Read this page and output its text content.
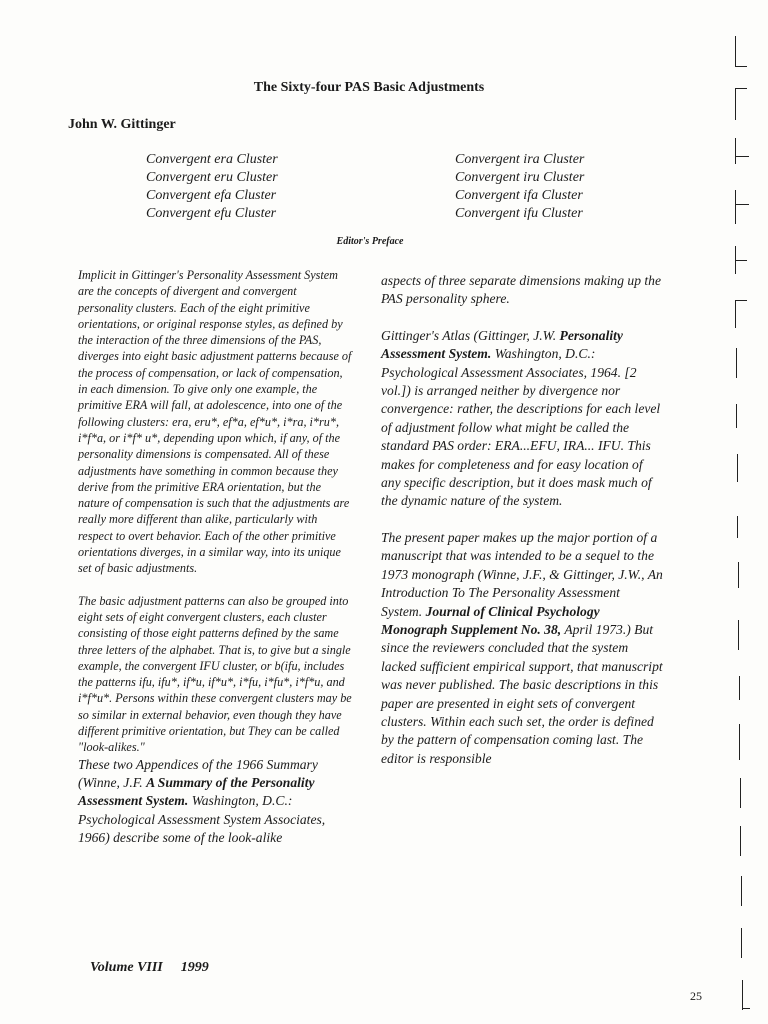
The Sixty-four PAS Basic Adjustments
John W. Gittinger
Convergent era Cluster
Convergent eru Cluster
Convergent efa Cluster
Convergent efu Cluster
Convergent ira Cluster
Convergent iru Cluster
Convergent ifa Cluster
Convergent ifu Cluster
Editor's Preface

Implicit in Gittinger's Personality Assessment System are the concepts of divergent and convergent personality clusters. Each of the eight primitive orientations, or original response styles, as defined by the interaction of the three dimensions of the PAS, diverges into eight basic adjustment patterns because of the process of compensation, or lack of compensation, in each dimension. To give only one example, the primitive ERA will fall, at adolescence, into one of the following clusters: era, eru*, ef*a, ef*u*, i*ra, i*ru*, i*f*a, or i*f* u*, depending upon which, if any, of the personality dimensions is compensated. All of these adjustments have something in common because they derive from the primitive ERA orientation, but the nature of compensation is such that the adjustments are really more different than alike, particularly with respect to overt behavior. Each of the other primitive orientations diverges, in a similar way, into its unique set of basic adjustments.

The basic adjustment patterns can also be grouped into eight sets of eight convergent clusters, each cluster consisting of those eight patterns defined by the same three letters of the alphabet. That is, to give but a single example, the convergent IFU cluster, or b(ifu, includes the patterns ifu, ifu*, if*u, if*u*, i*fu, i*fu*, i*f*u, and i*f*u*. Persons within these convergent clusters may be so similar in external behavior, even though they have different primitive orientation, but They can be called "look-alikes."

These two Appendices of the 1966 Summary (Winne, J.F. A Summary of the Personality Assessment System. Washington, D.C.: Psychological Assessment System Associates, 1966) describe some of the look-alike

aspects of three separate dimensions making up the PAS personality sphere.

Gittinger's Atlas (Gittinger, J.W. Personality Assessment System. Washington, D.C.: Psychological Assessment Associates, 1964. [2 vol.]) is arranged neither by divergence nor convergence: rather, the descriptions for each level of adjustment follow what might be called the standard PAS order: ERA...EFU, IRA... IFU. This makes for completeness and for easy location of any specific description, but it does mask much of the dynamic nature of the system.

The present paper makes up the major portion of a manuscript that was intended to be a sequel to the 1973 monograph (Winne, J.F., & Gittinger, J.W., An Introduction To The Personality Assessment System. Journal of Clinical Psychology Monograph Supplement No. 38, April 1973.) But since the reviewers concluded that the system lacked sufficient empirical support, that manuscript was never published. The basic descriptions in this paper are presented in eight sets of convergent clusters. Within each such set, the order is defined by the pattern of compensation coming last. The editor is responsible

Volume VIII 1999
25
